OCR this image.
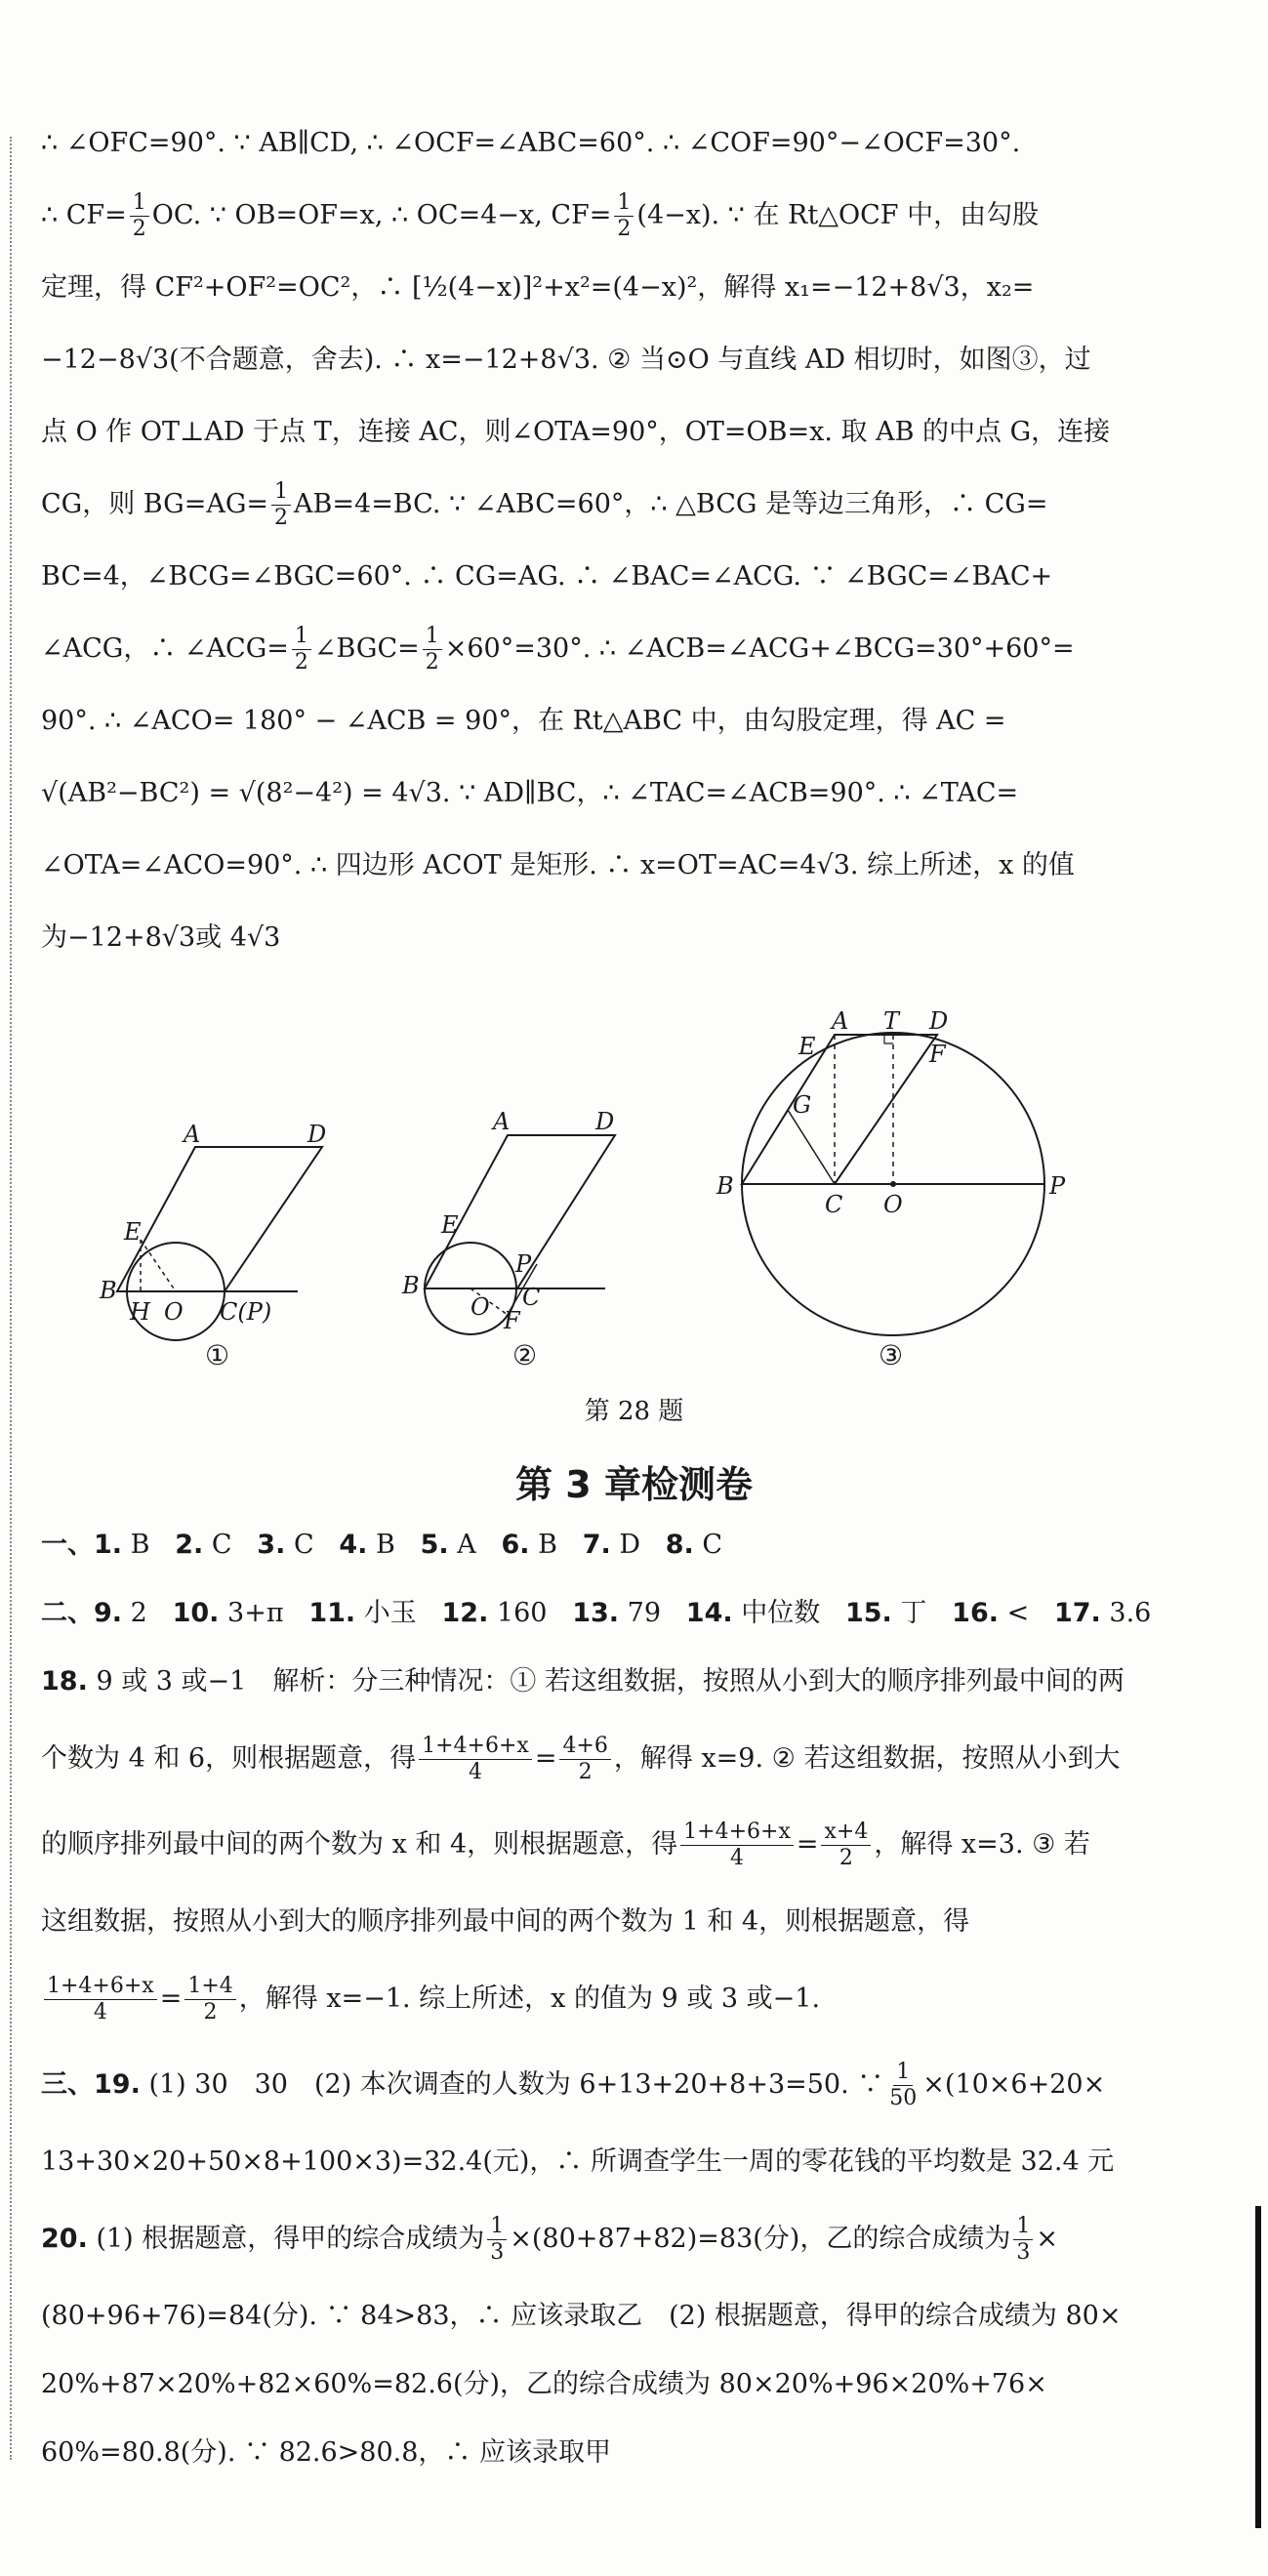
∴ ∠OFC=90°. ∵ AB∥CD, ∴ ∠OCF=∠ABC=60°. ∴ ∠COF=90°−∠OCF=30°.

∴ $CF= \frac{1}{2}$ OC. ∵ OB=OF=x, ∴ OC=4−x, $CF= \frac{1}{2} (4-x)$. ∵ 在 Rt△OCF 中，由勾股

定理，得 CF²+OF²=OC²，∴ [½(4−x)]²+x²=(4−x)²，解得 x₁=−12+8√3，x₂=

−12−8√3(不合题意，舍去). ∴ x=−12+8√3. ② 当⊙O 与直线 AD 相切时，如图③，过

点 O 作 OT⊥AD 于点 T，连接 AC，则∠OTA=90°，OT=OB=x. 取 AB 的中点 G，连接

CG，则 $BG=AG= \frac{1}{2} AB=4=BC$. ∵ ∠ABC=60°，∴ △BCG 是等边三角形，∴ CG=

BC=4，∠BCG=∠BGC=60°. ∴ CG=AG. ∴ ∠BAC=∠ACG. ∵ ∠BGC=∠BAC+

∠ACG，∴ ∠ACG= $\frac{1}{2}$ ∠BGC= $\frac{1}{2} \times 60^\circ=30^\circ$. ∴ ∠ACB=∠ACG+∠BCG=30°+60°=

90°. ∴ ∠ACO= 180° − ∠ACB = 90°，在 Rt△ABC 中，由勾股定理，得 AC =

√(AB²−BC²) = √(8²−4²) = 4√3. ∵ AD∥BC，∴ ∠TAC=∠ACB=90°. ∴ ∠TAC=

∠OTA=∠ACO=90°. ∴ 四边形 ACOT 是矩形. ∴ x=OT=AC=4√3. 综上所述，x 的值

为−12+8√3或 4√3

A	D
E
B
H O C(P)
A	D
E
B
O
P
C
F
A T D
E	F
G
B
C O
P
①	②	③
第 28 题
第 3 章检测卷

一、1. B 2. C 3. C 4. B 5. A 6. B 7. D 8. C

二、9. 2 10. 3+π 11. 小玉 12. 160 13. 79 14. 中位数 15. 丁 16. < 17. 3.6

18. 9 或 3 或−1　解析：分三种情况：① 若这组数据，按照从小到大的顺序排列最中间的两

个数为 4 和 6，则根据题意，得 $\frac{1+4+6+x}{4} = \frac{4+6}{2}$ ，解得 x=9. ② 若这组数据，按照从小到大

的顺序排列最中间的两个数为 x 和 4，则根据题意，得 $\frac{1+4+6+x}{4} = \frac{x+4}{2}$ ，解得 x=3. ③ 若

这组数据，按照从小到大的顺序排列最中间的两个数为 1 和 4，则根据题意，得

$\frac{1+4+6+x}{4} = \frac{1+4}{2}$ ，解得 x=−1. 综上所述，x 的值为 9 或 3 或−1.

三、19. (1) 30　30　(2) 本次调查的人数为 6+13+20+8+3=50. ∵ $\frac{1}{50} \times(10\times 6+20\times$

13+30×20+50×8+100×3)=32.4(元)，∴ 所调查学生一周的零花钱的平均数是 32.4 元

20. (1) 根据题意，得甲的综合成绩为 $\frac{1}{3} \times(80+87+82)=83$(分)，乙的综合成绩为 $\frac{1}{3}$ ×

(80+96+76)=84(分). ∵ 84>83，∴ 应该录取乙　(2) 根据题意，得甲的综合成绩为 80×

20%+87×20%+82×60%=82.6(分)，乙的综合成绩为 80×20%+96×20%+76×

60%=80.8(分). ∵ 82.6>80.8，∴ 应该录取甲
